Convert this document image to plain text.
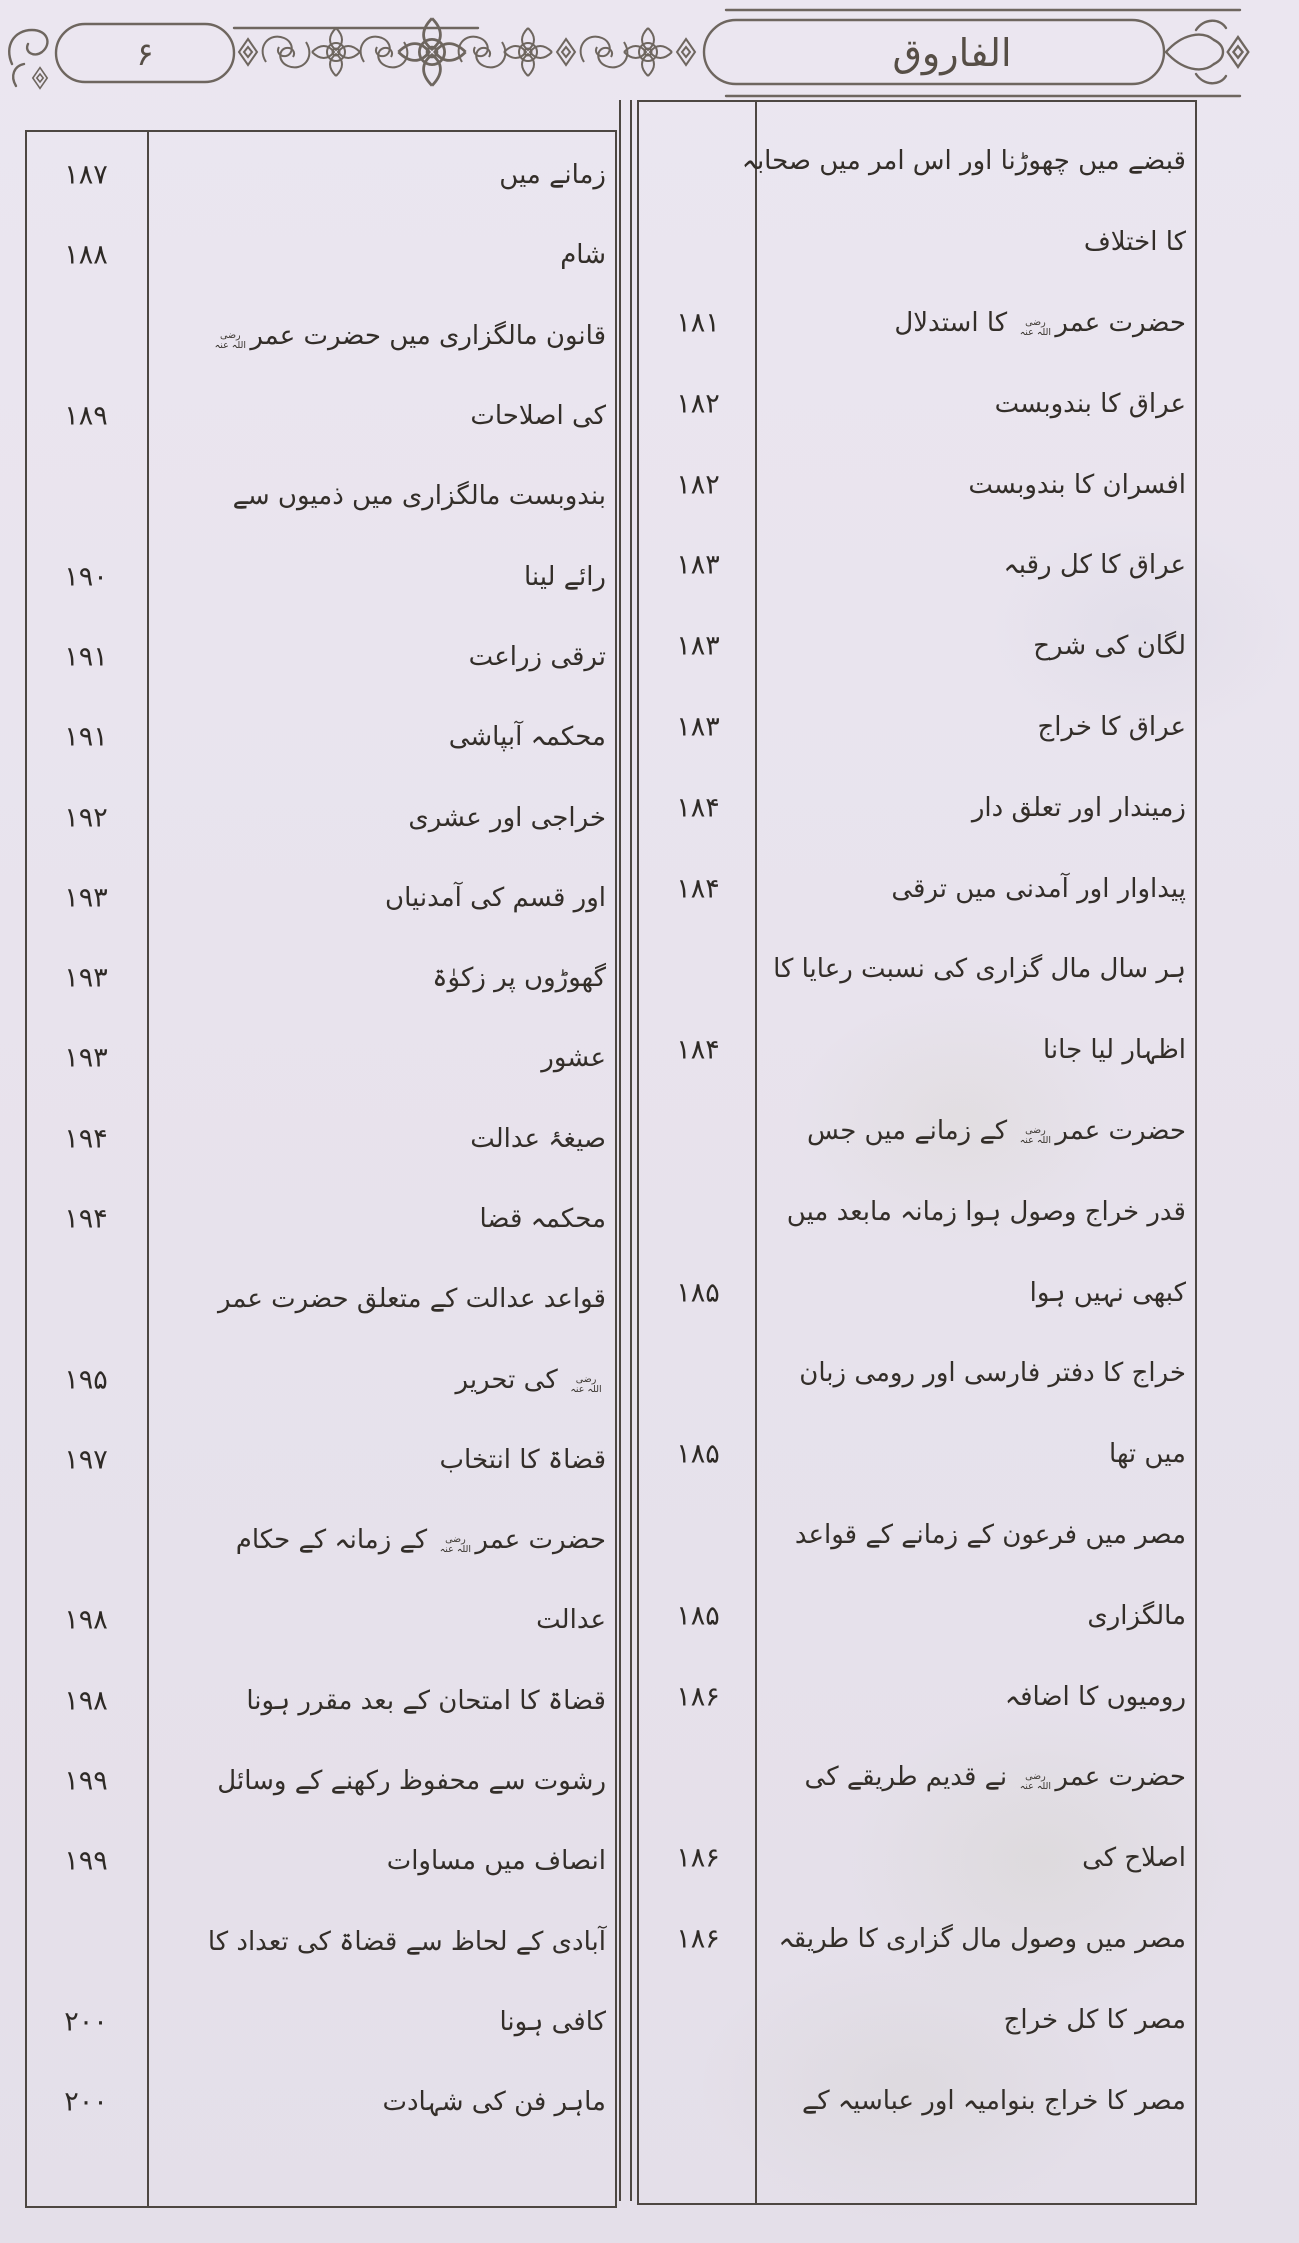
۶	الفاروق
قبضے میں چھوڑنا اور اس امر میں صحابہ
کا اختلاف
۱۸۱	حضرت عمررضی اللہ عنہ کا استدلال
۱۸۲	عراق کا بندوبست
۱۸۲	افسران کا بندوبست
۱۸۳	عراق کا کل رقبہ
۱۸۳	لگان کی شرح
۱۸۳	عراق کا خراج
۱۸۴	زمیندار اور تعلق دار
۱۸۴	پیداوار اور آمدنی میں ترقی
ہر سال مال گزاری کی نسبت رعایا کا
۱۸۴	اظہار لیا جانا
حضرت عمررضی اللہ عنہ کے زمانے میں جس
قدر خراج وصول ہوا زمانہ مابعد میں
۱۸۵	کبھی نہیں ہوا
خراج کا دفتر فارسی اور رومی زبان
۱۸۵	میں تھا
مصر میں فرعون کے زمانے کے قواعد
۱۸۵	مالگزاری
۱۸۶	رومیوں کا اضافہ
حضرت عمررضی اللہ عنہ نے قدیم طریقے کی
۱۸۶	اصلاح کی
۱۸۶	مصر میں وصول مال گزاری کا طریقہ
مصر کا کل خراج
مصر کا خراج بنوامیہ اور عباسیہ کے
۱۸۷	زمانے میں
۱۸۸	شام
قانون مالگزاری میں حضرت عمررضی اللہ عنہ
۱۸۹	کی اصلاحات
بندوبست مالگزاری میں ذمیوں سے
۱۹۰	رائے لینا
۱۹۱	ترقی زراعت
۱۹۱	محکمہ آبپاشی
۱۹۲	خراجی اور عشری
۱۹۳	اور قسم کی آمدنیاں
۱۹۳	گھوڑوں پر زکوٰۃ
۱۹۳	عشور
۱۹۴	صیغۂ عدالت
۱۹۴	محکمہ قضا
قواعد عدالت کے متعلق حضرت عمر
۱۹۵	رضی اللہ عنہ کی تحریر
۱۹۷	قضاۃ کا انتخاب
حضرت عمررضی اللہ عنہ کے زمانہ کے حکام
۱۹۸	عدالت
۱۹۸	قضاۃ کا امتحان کے بعد مقرر ہونا
۱۹۹	رشوت سے محفوظ رکھنے کے وسائل
۱۹۹	انصاف میں مساوات
آبادی کے لحاظ سے قضاۃ کی تعداد کا
۲۰۰	کافی ہونا
۲۰۰	ماہر فن کی شہادت
